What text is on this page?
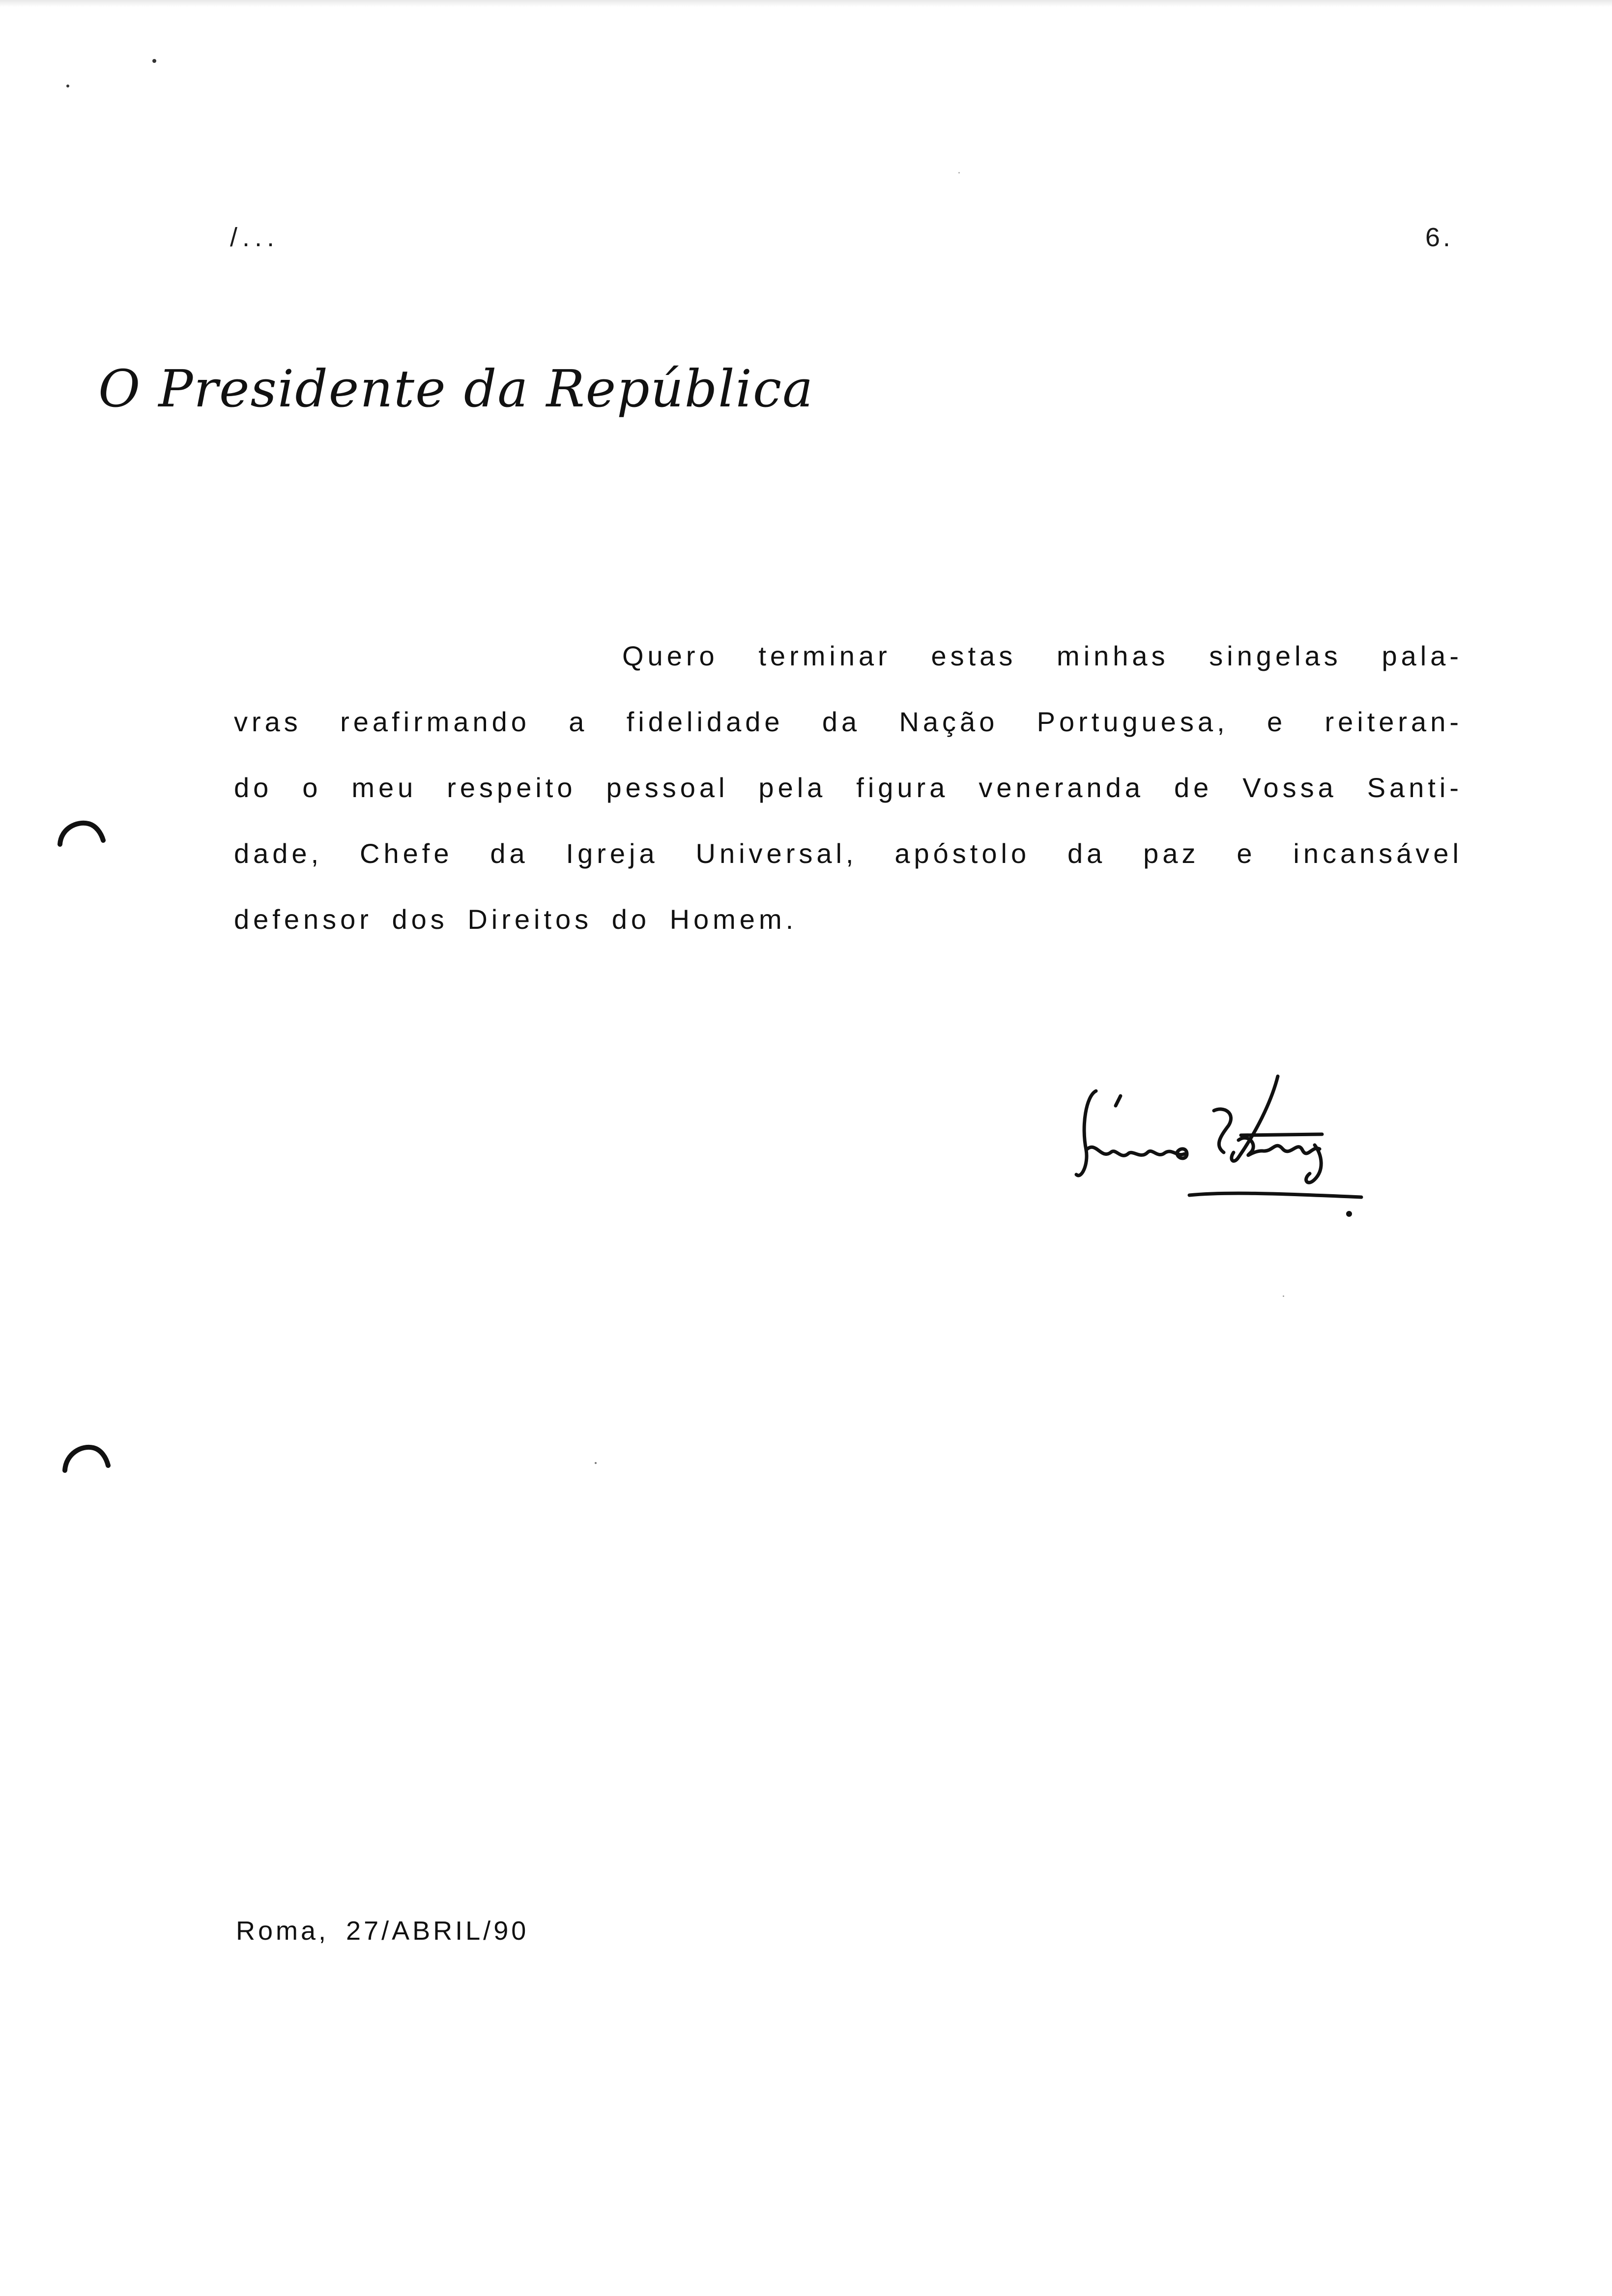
/...	6.
O Presidente da República
Quero terminar estas minhas singelas pala-
vras reafirmando a fidelidade da Nação Portuguesa, e reiteran-
do o meu respeito pessoal pela figura veneranda de Vossa Santi-
dade, Chefe da Igreja Universal, apóstolo da paz e incansável
defensor dos Direitos do Homem.
Roma, 27/ABRIL/90
